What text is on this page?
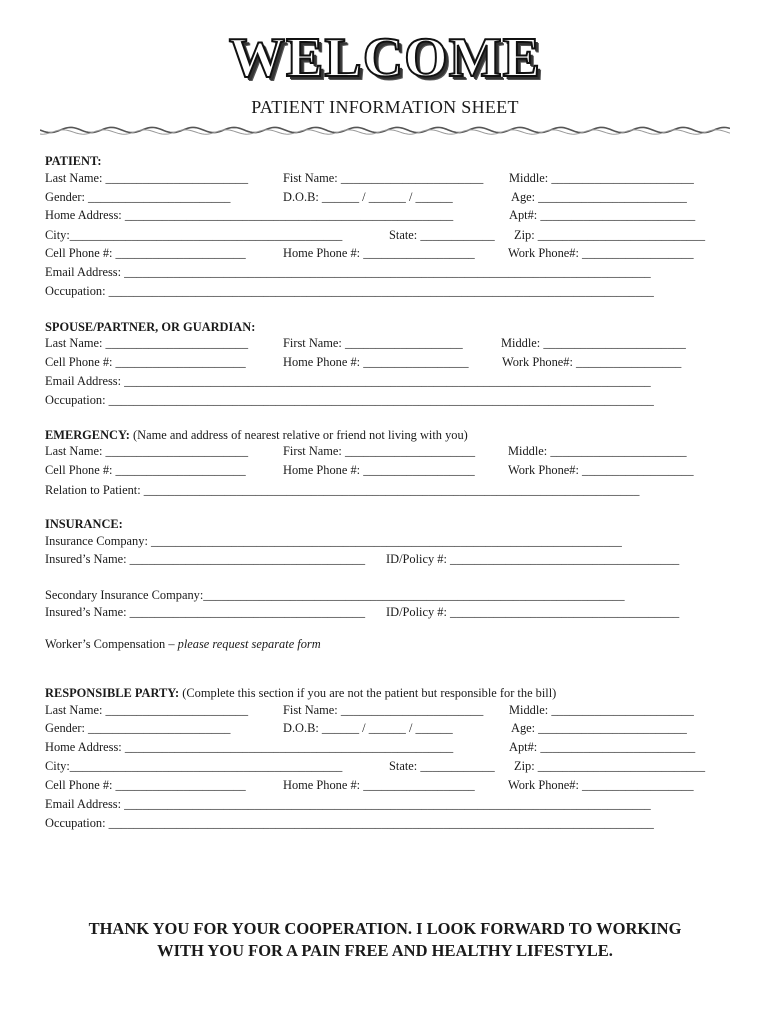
WELCOME
PATIENT INFORMATION SHEET
PATIENT:
Last Name: _______________________	Fist Name: _______________________ Middle: _______________________
Gender: _______________________	D.O.B: ______ / ______ / ______	Age: ________________________
Home Address: _____________________________________________________	Apt#: _________________________
City:____________________________________________	State: ____________ Zip: ___________________________
Cell Phone #: _____________________	Home Phone #: __________________	Work Phone#: __________________
Email Address: _____________________________________________________________________________________
Occupation: ________________________________________________________________________________________
SPOUSE/PARTNER, OR GUARDIAN:
Last Name: _______________________	First Name: ___________________	Middle: _______________________
Cell Phone #: _____________________	Home Phone #: _________________	Work Phone#: _________________
Email Address: _____________________________________________________________________________________
Occupation: ________________________________________________________________________________________
EMERGENCY: (Name and address of nearest relative or friend not living with you)
Last Name: _______________________	First Name: _____________________	Middle: ______________________
Cell Phone #: _____________________	Home Phone #: __________________	Work Phone#: __________________
Relation to Patient: ________________________________________________________________________________
INSURANCE:
Insurance Company: ____________________________________________________________________________
Insured’s Name: ______________________________________ ID/Policy #: _____________________________________
Secondary Insurance Company:____________________________________________________________________
Insured’s Name: ______________________________________ ID/Policy #: _____________________________________
Worker’s Compensation – please request separate form
RESPONSIBLE PARTY: (Complete this section if you are not the patient but responsible for the bill)
Last Name: _______________________	Fist Name: _______________________ Middle: _______________________
Gender: _______________________	D.O.B: ______ / ______ / ______	Age: ________________________
Home Address: _____________________________________________________	Apt#: _________________________
City:____________________________________________	State: ____________ Zip: ___________________________
Cell Phone #: _____________________	Home Phone #: __________________	Work Phone#: __________________
Email Address: _____________________________________________________________________________________
Occupation: ________________________________________________________________________________________
THANK YOU FOR YOUR COOPERATION. I LOOK FORWARD TO WORKING
WITH YOU FOR A PAIN FREE AND HEALTHY LIFESTYLE.
